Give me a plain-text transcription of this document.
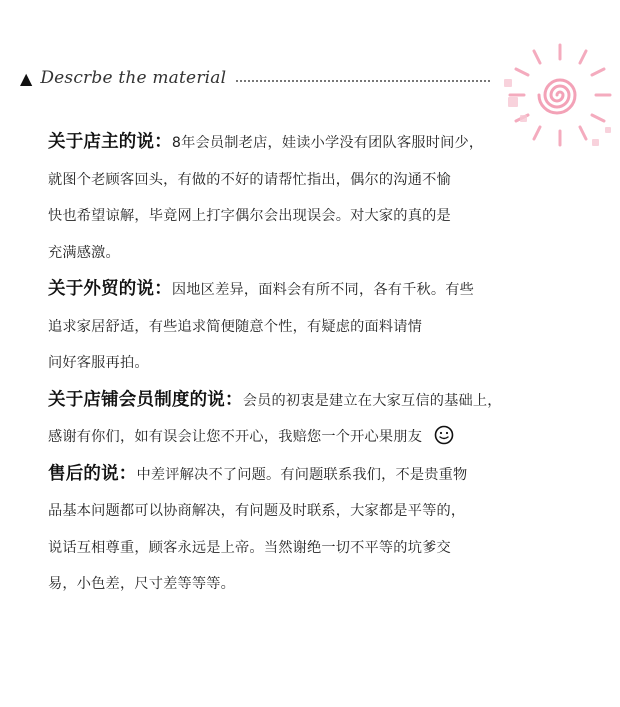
▲ Descrbe the material
关于店主的说：8年会员制老店，娃读小学没有团队客服时间少，
就图个老顾客回头，有做的不好的请帮忙指出，偶尔的沟通不愉
快也希望谅解，毕竟网上打字偶尔会出现误会。对大家的真的是
充满感激。
关于外贸的说：因地区差异，面料会有所不同，各有千秋。有些
追求家居舒适，有些追求简便随意个性，有疑虑的面料请情
问好客服再拍。
关于店铺会员制度的说：会员的初衷是建立在大家互信的基础上，
感谢有你们，如有误会让您不开心，我赔您一个开心果朋友
售后的说：中差评解决不了问题。有问题联系我们，不是贵重物
品基本问题都可以协商解决，有问题及时联系，大家都是平等的，
说话互相尊重，顾客永远是上帝。当然谢绝一切不平等的坑爹交
易，小色差，尺寸差等等等。
